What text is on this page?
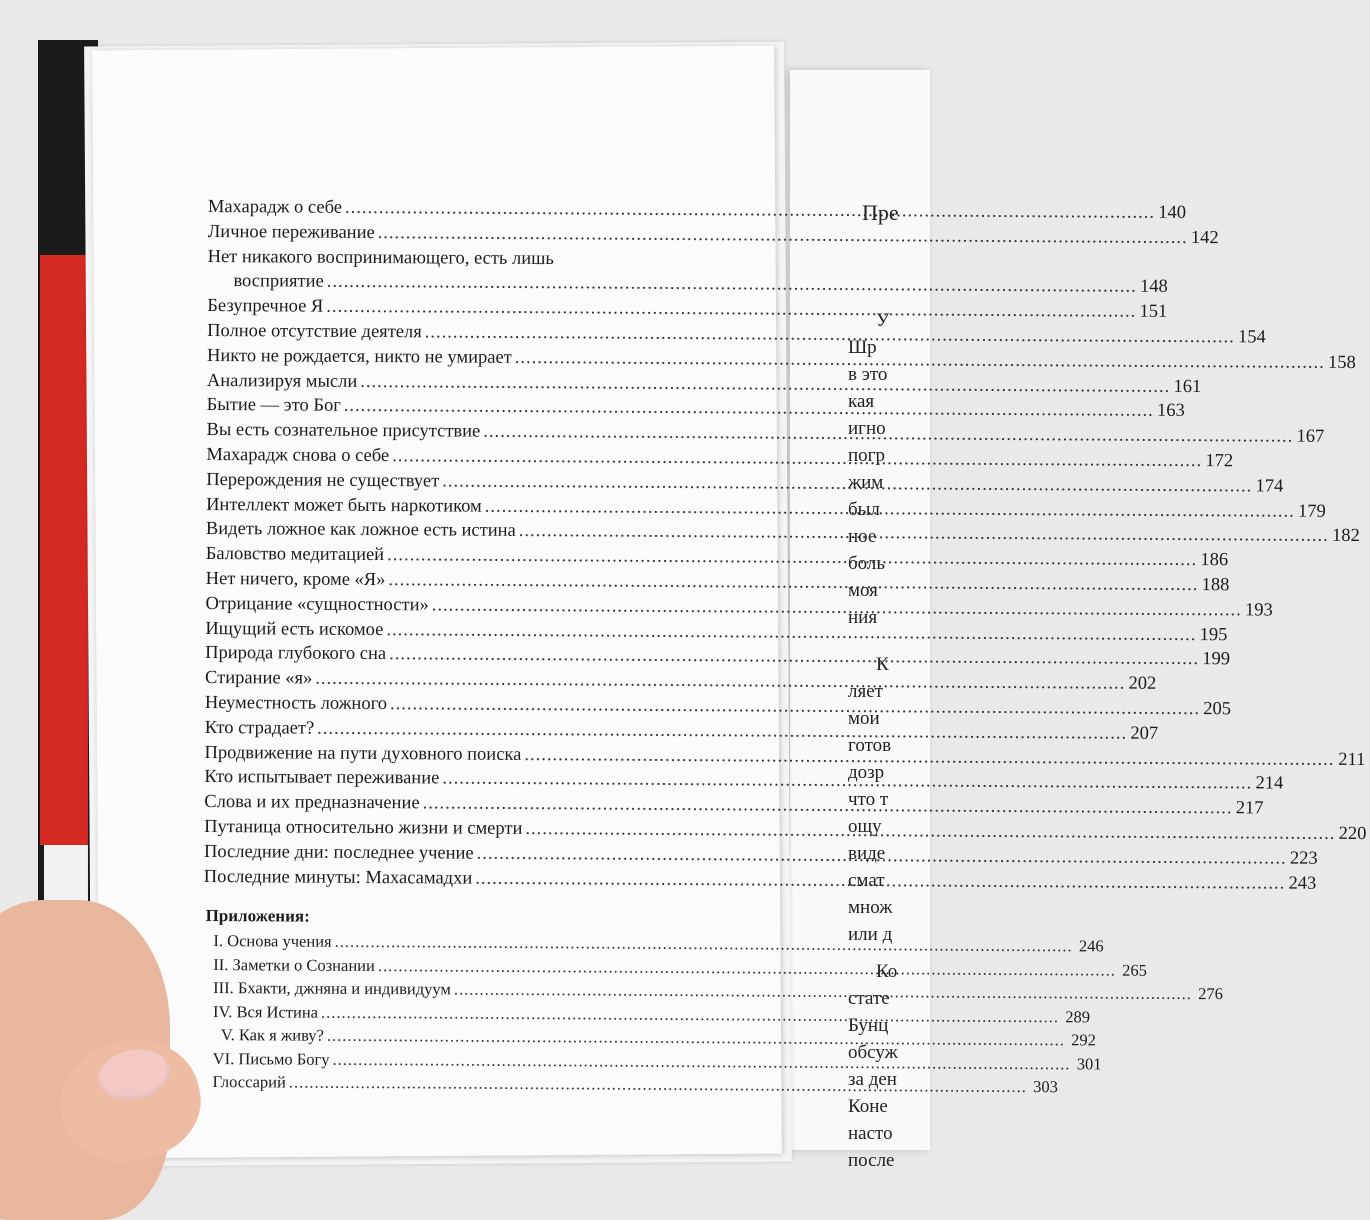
Пре
У
Шр
в это
кая
игно
погр
жим
был
ное
боль
моя
ния
К
ляет
мои
готов
дозр
что т
ощу
виде
смат
множ
или д
Ко
стате
Бунц
обсуж
за ден
Коне
насто
после
Махарадж о себе .....	140
Личное переживание .....	142
Нет никакого воспринимающего, есть лишь
восприятие .....	148
Безупречное Я .....	151
Полное отсутствие деятеля .....	154
Никто не рождается, никто не умирает .....	158
Анализируя мысли .....	161
Бытие — это Бог .....	163
Вы есть сознательное присутствие .....	167
Махарадж снова о себе .....	172
Перерождения не существует .....	174
Интеллект может быть наркотиком .....	179
Видеть ложное как ложное есть истина .....	182
Баловство медитацией .....	186
Нет ничего, кроме «Я» .....	188
Отрицание «сущностности» .....	193
Ищущий есть искомое .....	195
Природа глубокого сна .....	199
Стирание «я» .....	202
Неуместность ложного .....	205
Кто страдает? .....	207
Продвижение на пути духовного поиска .....	211
Кто испытывает переживание .....	214
Слова и их предназначение .....	217
Путаница относительно жизни и смерти .....	220
Последние дни: последнее учение .....	223
Последние минуты: Махасамадхи .....	243
Приложения:
I. Основа учения .....	246
II. Заметки о Сознании .....	265
III. Бхакти, джняна и индивидуум .....	276
IV. Вся Истина .....	289
V. Как я живу? .....	292
VI. Письмо Богу .....	301
Глоссарий .....	303
